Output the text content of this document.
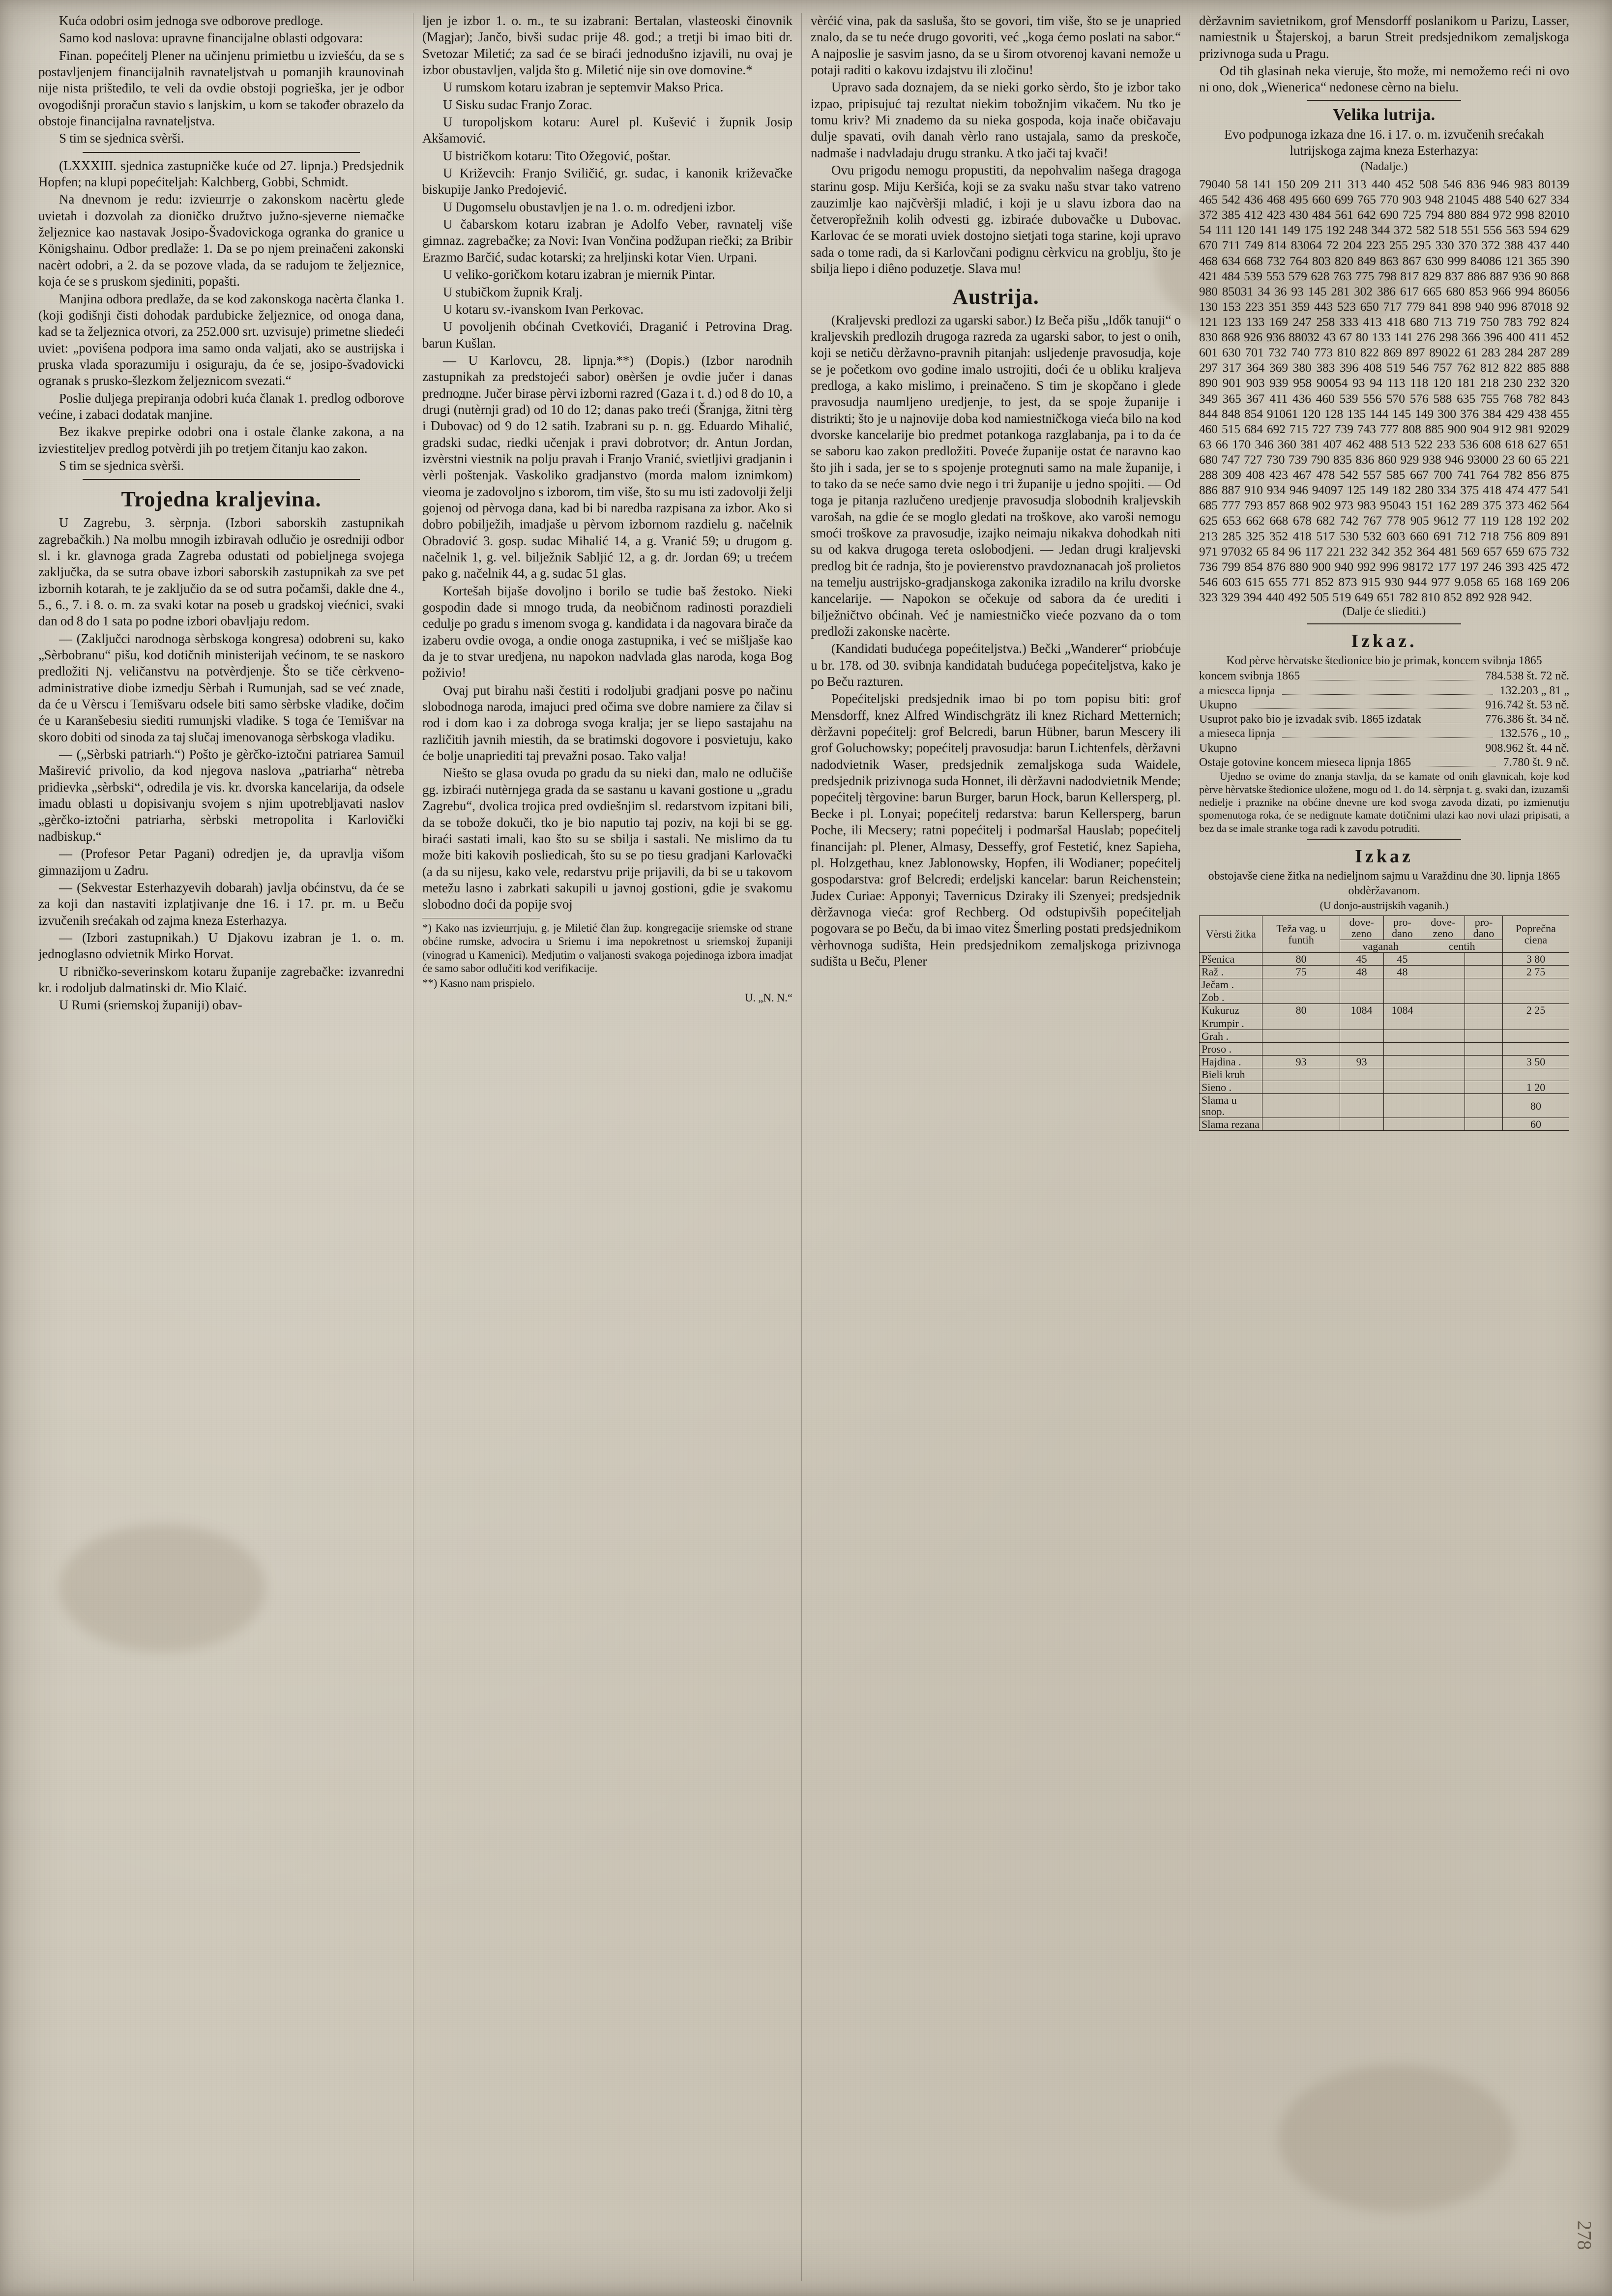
Kuća odobri osim jednoga sve odborove predloge.

Samo kod naslova: upravne financijalne oblasti odgovara:

Finan. popećitelj Plener na učinjenu primietbu u izviešću, da se s postavljenjem financijalnih ravnateljstvah u pomanjih kraunovinah nije nista prišteđilo, te veli da ovdie obstoji pogrieška, jer je odbor ovogodišnji proračun stavio s lanjskim, u kom se također obrazelo da obstoje financijalna ravnateljstva.

S tim se sjednica svèrši.

(LXXXIII. sjednica zastupničke kuće od 27. lipnja.) Predsjednik Hopfen; na klupi popećiteljah: Kalchberg, Gobbi, Schmidt.

Na dnevnom je redu: izviештje o zakonskom nacèrtu glede uvietah i dozvolah za dioničko družtvo južno-sjeverne niemačke željeznice kao nastavak Josipo-Švadovickoga ogranka do granice u Königshainu. Odbor predlaže: 1. Da se po njem preinačeni zakonski nacèrt odobri, a 2. da se pozove vlada, da se radujom te željeznice, koja će se s pruskom sjediniti, popašti.

Manjina odbora predlaže, da se kod zakonskoga nacèrta članka 1. (koji godišnji čisti dohodak pardubicke željeznice, od onoga dana, kad se ta željeznica otvori, za 252.000 srt. uzvisuje) primetne sliedeći uviet: „poviśena podpora ima samo onda valjati, ako se austrijska i pruska vlada sporazumiju i osiguraju, da će se, josipo-švadovicki ogranak s prusko-šlezkom željeznicom svezati.“

Poslie duljega prepiranja odobri kuća članak 1. predlog odborove većine, i zabaci dodatak manjine.

Bez ikakve prepirke odobri ona i ostale članke zakona, a na izviestiteljev predlog potvèrdi jih po tretjem čitanju kao zakon.

S tim se sjednica svèrši.

Trojedna kraljevina.

U Zagrebu, 3. sèrpnja. (Izbori saborskih zastupnikah zagrebačkih.) Na molbu mnogih izbiravah odlučio je osredniji odbor sl. i kr. glavnoga grada Zagreba odustati od pobieljnega svojega zaključka, da se sutra obave izbori saborskih zastupnikah za sve pet izbornih kotarah, te je zaključio da se od sutra počamši, dakle dne 4., 5., 6., 7. i 8. o. m. za svaki kotar na poseb u gradskoj viećnici, svaki dan od 8 do 1 sata po podne izbori obavljaju redom.

— (Zaključci narodnoga sèrbskoga kongresa) odobreni su, kako „Sèrbobranu“ pišu, kod dotičnih ministerijah većinom, te se naskoro predložiti Nj. veličanstvu na potvèrdjenje. Što se tiče cèrkveno-administrative diobe izmedju Sèrbah i Rumunjah, sad se već znade, da će u Vèrscu i Temišvaru odsele biti samo sèrbske vladike, dočim će u Karanšebesiu siediti rumunjski vladike. S toga će Temišvar na skoro dobiti od sinoda za taj slučaj imenovanoga sèrbskoga vladiku.

— („Sèrbski patriarh.“) Pošto je gèrčko-iztočni patriarea Samuil Maširević privolio, da kod njegova naslova „patriarha“ nètreba pridievka „sèrbski“, odredila je vis. kr. dvorska kancelarija, da odsele imadu oblasti u dopisivanju svojem s njim upotrebljavati naslov „gèrčko-iztočni patriarha, sèrbski metropolita i Karlovički nadbiskup.“

— (Profesor Petar Pagani) odredjen je, da upravlja višom gimnazijom u Zadru.

— (Sekvestar Esterhazyevih dobarah) javlja obćinstvu, da će se za koji dan nastaviti izplatjivanje dne 16. i 17. pr. m. u Beču izvučenih srećakah od zajma kneza Esterhazya.

— (Izbori zastupnikah.) U Djakovu izabran je 1. o. m. jednoglasno odvietnik Mirko Horvat.

U ribničko-severinskom kotaru županije zagrebačke: izvanredni kr. i rodoljub dalmatinski dr. Mio Klaić.

U Rumi (sriemskoj županiji) obav-

ljen je izbor 1. o. m., te su izabrani: Bertalan, vlasteoski činovnik (Magjar); Jančo, bivši sudac prije 48. god.; a tretji bi imao biti dr. Svetozar Miletić; za sad će se biraći jednodušno izjavili, nu ovaj je izbor obustavljen, valjda što g. Miletić nije sin ove domovine.*

U rumskom kotaru izabran je septemvir Makso Prica.

U Sisku sudac Franjo Zorac.

U turopoljskom kotaru: Aurel pl. Kušević i župnik Josip Akšamović.

U bistričkom kotaru: Tito Ožegović, poštar.

U Križevcih: Franjo Sviličić, gr. sudac, i kanonik križevačke biskupije Janko Predojević.

U Dugomselu obustavljen je na 1. o. m. odredjeni izbor.

U čabarskom kotaru izabran je Adolfo Veber, ravnatelj više gimnaz. zagrebačke; za Novi: Ivan Vončina podžupan riečki; za Bribir Erazmo Barčić, sudac kotarski; za hreljinski kotar Vien. Urpani.

U veliko-goričkom kotaru izabran je miernik Pintar.

U stubičkom župnik Kralj.

U kotaru sv.-ivanskom Ivan Perkovac.

U povoljenih obćinah Cvetkovići, Draganić i Petrovina Drag. barun Kušlan.

— U Karlovcu, 28. lipnja.**) (Dopis.) (Izbor narodnih zastupnikah za predstojeći sabor) oвèršen je ovdie jučer i danas predподne. Jučer birase pèrvi izborni razred (Gaza i t. d.) od 8 do 10, a drugi (nutèrnji grad) od 10 do 12; danas pako treći (Šranjga, žitni tèrg i Dubovac) od 9 do 12 satih. Izabrani su p. n. gg. Eduardo Mihalić, gradski sudac, riedki učenjak i pravi dobrotvor; dr. Antun Jordan, izvèrstni viestnik na polju pravah i Franjo Vranić, svietljivi gradjanin i vèrli poštenjak. Vaskoliko gradjanstvo (morda malom iznimkom) vieoma je zadovoljno s izborom, tim više, što su mu isti zadovolji želji gojenoj od pèrvoga dana, kad bi bi naredba razpisana za izbor. Ako si dobro pobilježih, imadjaše u pèrvom izbornom razdielu g. načelnik Obradović 3. gosp. sudac Mihalić 14, a g. Vranić 59; u drugom g. načelnik 1, g. vel. bilježnik Sabljić 12, a g. dr. Jordan 69; u trećem pako g. načelnik 44, a g. sudac 51 glas.

Kortešah bijaše dovoljno i borilo se tudie baš žestoko. Nieki gospodin dade si mnogo truda, da neobičnom radinosti porazdieli cedulje po gradu s imenom svoga g. kandidata i da nagovara birače da izaberu ovdie ovoga, a ondie onoga zastupnika, i već se mišljaše kao da je to stvar uredjena, nu napokon nadvlada glas naroda, koga Bog poživio!

Ovaj put birahu naši čestiti i rodoljubi gradjani posve po načinu slobodnoga naroda, imajuci pred očima sve dobre namiere za čilav si rod i dom kao i za dobroga svoga kralja; jer se liepo sastajahu na različitih javnih miestih, da se bratimski dogovore i posvietuju, kako će bolje unapriediti taj prevažni posao. Tako valja!

Niešto se glasa ovuda po gradu da su nieki dan, malo ne odlučiše gg. izbiraći nutèrnjega grada da se sastanu u kavani gostione u „gradu Zagrebu“, dvolica trojica pred ovdiešnjim sl. redarstvom izpitani bili, da se tobože dokuči, tko je bio naputio taj poziv, na koji bi se gg. biraći sastati imali, kao što su se sbilja i sastali. Ne mislimo da tu može biti kakovih posliedicah, što su se po tiesu gradjani Karlovački (a da su nijesu, kako vele, redarstvu prije prijavili, da bi se u takovom metežu lasno i zabrkati sakupili u javnoj gostioni, gdie je svakomu slobodno doći da popije svoj

*) Kako nas izviештjuju, g. je Miletić član žup. kongregacije sriemske od strane obćine rumske, advocira u Sriemu i ima nepokretnost u sriemskoj županiji (vinograd u Kamenici). Medjutim o valjanosti svakoga pojedinoga izbora imadjat će samo sabor odlučiti kod verifikacije.

**) Kasno nam prispielo.

U. „N. N.“

vèrćić vina, pak da sasluša, što se govori, tim više, što se je unapried znalo, da se tu neće drugo govoriti, već „koga ćemo poslati na sabor.“ A najposlie je sasvim jasno, da se u širom otvorenoj kavani nemože u potaji raditi o kakovu izdajstvu ili zločinu!

Upravo sada doznajem, da se nieki gorko sèrdo, što je izbor tako izpao, pripisujuć taj rezultat niekim tobožnjim vikačem. Nu tko je tomu kriv? Mi znademo da su nieka gospoda, koja inače običavaju dulje spavati, ovih danah vèrlo rano ustajala, samo da preskoče, nadmaše i nadvladaju drugu stranku. A tko jači taj kvači!

Ovu prigodu nemogu propustiti, da nepohvalim našega dragoga starinu gosp. Miju Keršića, koji se za svaku našu stvar tako vatreno zauzimlje kao najčvèršji mladić, i koji je u slavu izbora dao na četveropřežnih kolih odvesti gg. izbiraće dubovačke u Dubovac. Karlovac će se morati uviek dostojno sietjati toga starine, koji upravo sada o tome radi, da si Karlovčani podignu cèrkvicu na groblju, što je sbilja liepo i diêno poduzetje. Slava mu!

Austrija.

(Kraljevski predlozi za ugarski sabor.) Iz Beča pišu „Idők tanuji“ o kraljevskih predlozih drugoga razreda za ugarski sabor, to jest o onih, koji se netiču dèržavno-pravnih pitanjah: usljedenje pravosudja, koje se je početkom ovo godine imalo ustrojiti, doći će u obliku kraljeva predloga, a kako mislimo, i preinačeno. S tim je skopčano i glede pravosudja naumljeno uredjenje, to jest, da se spoje županije i distrikti; što je u najnovije doba kod namiestničkoga vieća bilo na kod dvorske kancelarije bio predmet potankoga razglabanja, pa i to da će se saboru kao zakon predložiti. Povećе županije ostat će naravno kao što jih i sada, jer se to s spojenje protegnuti samo na male županije, i to tako da se neće samo dvie nego i tri županije u jedno spojiti. — Od toga je pitanja razlučeno uredjenje pravosudja slobodnih kraljevskih varošah, na gdie će se moglo gledati na troškove, ako varoši nemogu smoći troškove za pravosudje, izajko neimaju nikakva dohodkah niti su od kakva drugoga tereta oslobodjeni. — Jedan drugi kraljevski predlog bit će radnja, što je povierenstvo pravdoznanacah još prolietos na temelju austrijsko-gradjanskoga zakonika izradilo na krilu dvorske kancelarije. — Napokon se očekuje od sabora da će urediti i bilježničtvo obćinah. Već je namiestničko vieće pozvano da o tom predloži zakonske nacèrte.

(Kandidati budućega popećiteljstva.) Bečki „Wanderer“ priobćuje u br. 178. od 30. svibnja kandidatah budućega popećiteljstva, kako je po Beču razturen.

Popećiteljski predsjednik imao bi po tom popisu biti: grof Mensdorff, knez Alfred Windischgrätz ili knez Richard Metternich; dèržavni popećitelj: grof Belcredi, barun Hübner, barun Mescery ili grof Goluchowsky; popećitelj pravosudja: barun Lichtenfels, dèržavni nadodvietnik Waser, predsjednik zemaljskoga suda Waidele, predsjednik prizivnoga suda Honnet, ili dèržavni nadodvietnik Mende; popećitelj tèrgovine: barun Burger, barun Hock, barun Kellersperg, pl. Becke i pl. Lonyai; popećitelj redarstva: barun Kellersperg, barun Poche, ili Mecsery; ratni popećitelj i podmaršal Hauslab; popećitelj financijah: pl. Plener, Almasy, Desseffy, grof Festetić, knez Sapieha, pl. Holzgethau, knez Jablonowsky, Hopfen, ili Wodianer; popećitelj gospodarstva: grof Belcredi; erdeljski kancelar: barun Reichenstein; Judex Curiae: Apponyi; Tavernicus Dzirakу ili Szenyei; predsjednik dèržavnoga vieća: grof Rechberg. Od odstupivših popećiteljah pogovara se po Beču, da bi imao vitez Šmerling postati predsjednikom vèrhovnoga sudišta, Hein predsjednikom zemaljskoga prizivnoga sudišta u Beču, Plener

dèržavnim savietnikom, grof Mensdorff poslanikom u Parizu, Lasser, namiestnik u Štajerskoj, a barun Streit predsjednikom zemaljskoga prizivnoga suda u Pragu.

Od tih glasinah neka vieruje, što može, mi nemožemo reći ni ovo ni ono, dok „Wienerica“ nedonese cèrno na bielu.

Velika lutrija.

Evo podpunoga izkaza dne 16. i 17. o. m. izvučenih srećakah lutrijskoga zajma kneza Esterhazya:

(Nadalje.)

79040 58 141 150 209 211 313 440 452 508 546 836 946 983 80139 465 542 436 468 495 660 699 765 770 903 948 21045 488 540 627 334 372 385 412 423 430 484 561 642 690 725 794 880 884 972 998 82010 54 111 120 141 149 175 192 248 344 372 582 518 551 556 563 594 629 670 711 749 814 83064 72 204 223 255 295 330 370 372 388 437 440 468 634 668 732 764 803 820 849 863 867 630 999 84086 121 365 390 421 484 539 553 579 628 763 775 798 817 829 837 886 887 936 90 868 980 85031 34 36 93 145 281 302 386 617 665 680 853 966 994 86056 130 153 223 351 359 443 523 650 717 779 841 898 940 996 87018 92 121 123 133 169 247 258 333 413 418 680 713 719 750 783 792 824 830 868 926 936 88032 43 67 80 133 141 276 298 366 396 400 411 452 601 630 701 732 740 773 810 822 869 897 89022 61 283 284 287 289 297 317 364 369 380 383 396 408 519 546 757 762 812 822 885 888 890 901 903 939 958 90054 93 94 113 118 120 181 218 230 232 320 349 365 367 411 436 460 539 556 570 576 588 635 755 768 782 843 844 848 854 91061 120 128 135 144 145 149 300 376 384 429 438 455 460 515 684 692 715 727 739 743 777 808 885 900 904 912 981 92029 63 66 170 346 360 381 407 462 488 513 522 233 536 608 618 627 651 680 747 727 730 739 790 835 836 860 929 938 946 93000 23 60 65 221 288 309 408 423 467 478 542 557 585 667 700 741 764 782 856 875 886 887 910 934 946 94097 125 149 182 280 334 375 418 474 477 541 685 777 793 857 868 902 973 983 95043 151 162 289 375 373 462 564 625 653 662 668 678 682 742 767 778 905 9612 77 119 128 192 202 213 285 325 352 418 517 530 532 603 660 691 712 718 756 809 891 971 97032 65 84 96 117 221 232 342 352 364 481 569 657 659 675 732 736 799 854 876 880 900 940 992 996 98172 177 197 246 393 425 472 546 603 615 655 771 852 873 915 930 944 977 9.058 65 168 169 206 323 329 394 440 492 505 519 649 651 782 810 852 892 928 942.

(Dalje će sliediti.)

Izkaz.

Kod pèrve hèrvatske štedionice bio je primak, koncem svibnja 1865

koncem svibnja 1865	784.538 št. 72 nč.
a miesеca lipnja	132.203 „ 81 „
Ukupno	916.742 št. 53 nč.
Usuprot pako bio je izvadak svib. 1865 izdatak	776.386 št. 34 nč.
a miesеca lipnja	132.576 „ 10 „
Ukupno	908.962 št. 44 nč.
Ostaje gotovine koncem mieseca lipnja 1865	7.780 št. 9 nč.

Ujedno se ovime do znanja stavlja, da se kamate od onih glavnicah, koje kod pèrve hèrvatske štedionice uložene, mogu od 1. do 14. sèrpnja t. g. svaki dan, izuzamši nedielje i praznike na obćine dnevne ure kod svoga zavoda dizati, po izmienutju spomenutoga roka, će se nedignute kamate dotičnimi ulazi kao novi ulazi pripisati, a bez da se imale stranke toga radi k zavodu potruditi.

Izkaz

obstojavše ciene žitka na nedieljnom sajmu u Varaždinu dne 30. lipnja 1865 obdèržavanom.

(U donjo-austrijskih vaganih.)

Vèrsti žitka	Teža vag. u funtih	dovezeno	prodano	dovezeno	prodano	Poprečna ciena
		vaganah		centih		
Pšenica	80	45	45			3 80
Raž .	75	48	48			2 75
Ječam .						
Zob .						
Kukuruz	80	1084	1084			2 25
Krumpir .						
Grah .						
Proso .						
Hajdina .	93	93				3 50
Bieli kruh						
Sieno .						1 20
Slama u snop.						80
Slama rezana						60
278
